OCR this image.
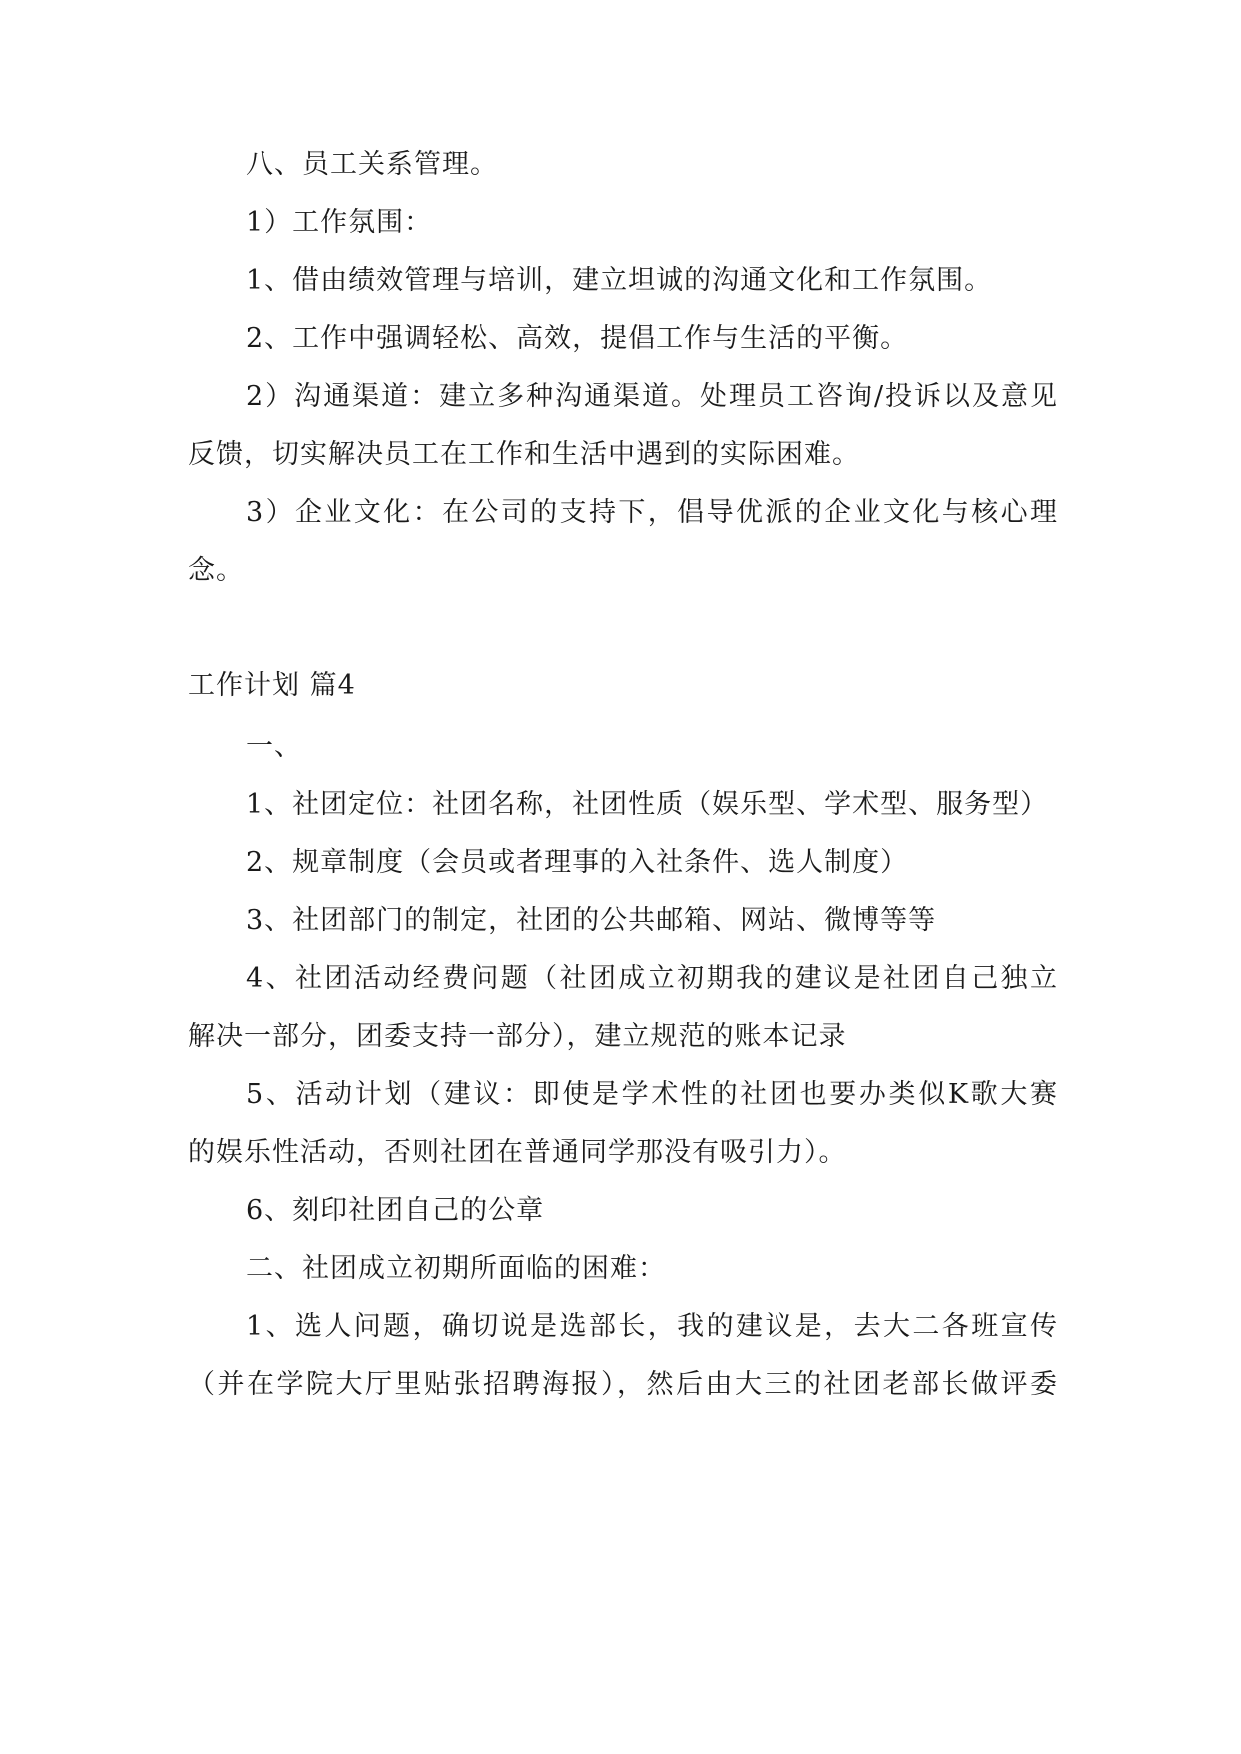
八、员工关系管理。

1）工作氛围：

1、借由绩效管理与培训，建立坦诚的沟通文化和工作氛围。

2、工作中强调轻松、高效，提倡工作与生活的平衡。

2）沟通渠道：建立多种沟通渠道。处理员工咨询/投诉以及意见

反馈，切实解决员工在工作和生活中遇到的实际困难。

3）企业文化：在公司的支持下，倡导优派的企业文化与核心理

念。

工作计划 篇4

一、

1、社团定位：社团名称，社团性质（娱乐型、学术型、服务型）

2、规章制度（会员或者理事的入社条件、选人制度）

3、社团部门的制定，社团的公共邮箱、网站、微博等等

4、社团活动经费问题（社团成立初期我的建议是社团自己独立

解决一部分，团委支持一部分），建立规范的账本记录

5、活动计划（建议：即使是学术性的社团也要办类似K歌大赛

的娱乐性活动，否则社团在普通同学那没有吸引力）。

6、刻印社团自己的公章

二、社团成立初期所面临的困难：

1、选人问题，确切说是选部长，我的建议是，去大二各班宣传

（并在学院大厅里贴张招聘海报），然后由大三的社团老部长做评委
